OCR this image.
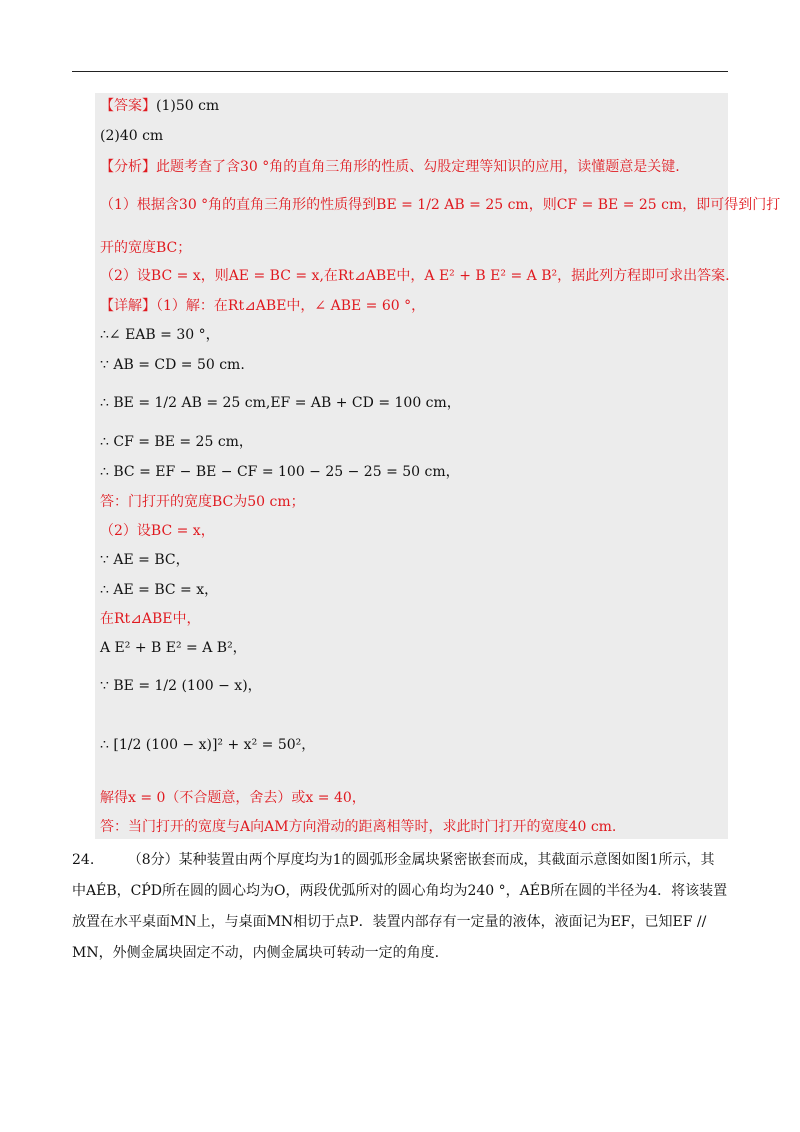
【答案】(1)50 cm
(2)40 cm
【分析】此题考查了含30 °角的直角三角形的性质、勾股定理等知识的应用，读懂题意是关键.
（1）根据含30 °角的直角三角形的性质得到BE = 1/2 AB = 25 cm，则CF = BE = 25 cm，即可得到门打
开的宽度BC；
（2）设BC = x，则AE = BC = x,在Rt⊿ABE中，A E² + B E² = A B²，据此列方程即可求出答案.
【详解】（1）解：在Rt⊿ABE中，∠ ABE = 60 °，
∴∠ EAB = 30 °，
∵ AB = CD = 50 cm.
∴ BE = 1/2 AB = 25 cm,EF = AB + CD = 100 cm，
∴ CF = BE = 25 cm，
∴ BC = EF − BE − CF = 100 − 25 − 25 = 50 cm，
答：门打开的宽度BC为50 cm；
（2）设BC = x，
∵ AE = BC，
∴ AE = BC = x，
在Rt⊿ABE中，
A E² + B E² = A B²，
∵ BE = 1/2 (100 − x)，
∴ [1/2 (100 − x)]² + x² = 50²，
解得x = 0（不合题意，舍去）或x = 40，
答：当门打开的宽度与A向AM方向滑动的距离相等时，求此时门打开的宽度40 cm.
24. （8分）某种装置由两个厚度均为1的圆弧形金属块紧密嵌套而成，其截面示意图如图1所示，其中AÉB，CṔD所在圆的圆心均为O，两段优弧所对的圆心角均为240 °，AÉB所在圆的半径为4．将该装置放置在水平桌面MN上，与桌面MN相切于点P．装置内部存有一定量的液体，液面记为EF，已知EF // MN，外侧金属块固定不动，内侧金属块可转动一定的角度.
